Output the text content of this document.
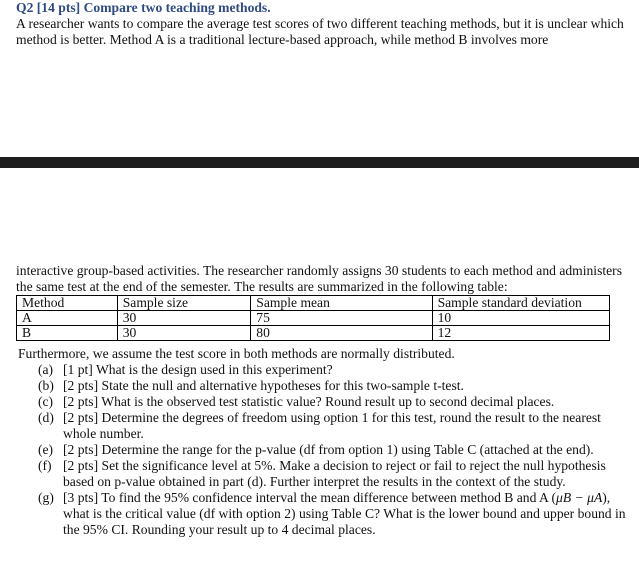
Q2 [14 pts] Compare two teaching methods.
A researcher wants to compare the average test scores of two different teaching methods, but it is unclear which method is better. Method A is a traditional lecture-based approach, while method B involves more
interactive group-based activities. The researcher randomly assigns 30 students to each method and administers the same test at the end of the semester. The results are summarized in the following table:
Method	Sample size	Sample mean	Sample standard deviation
A	30	75	10
B	30	80	12
Furthermore, we assume the test score in both methods are normally distributed.
(a) [1 pt] What is the design used in this experiment?
(b) [2 pts] State the null and alternative hypotheses for this two-sample t-test.
(c) [2 pts] What is the observed test statistic value? Round result up to second decimal places.
(d) [2 pts] Determine the degrees of freedom using option 1 for this test, round the result to the nearest whole number.
(e) [2 pts] Determine the range for the p-value (df from option 1) using Table C (attached at the end).
(f) [2 pts] Set the significance level at 5%. Make a decision to reject or fail to reject the null hypothesis based on p-value obtained in part (d). Further interpret the results in the context of the study.
(g) [3 pts] To find the 95% confidence interval the mean difference between method B and A (μB − μA), what is the critical value (df with option 2) using Table C? What is the lower bound and upper bound in the 95% CI. Rounding your result up to 4 decimal places.
